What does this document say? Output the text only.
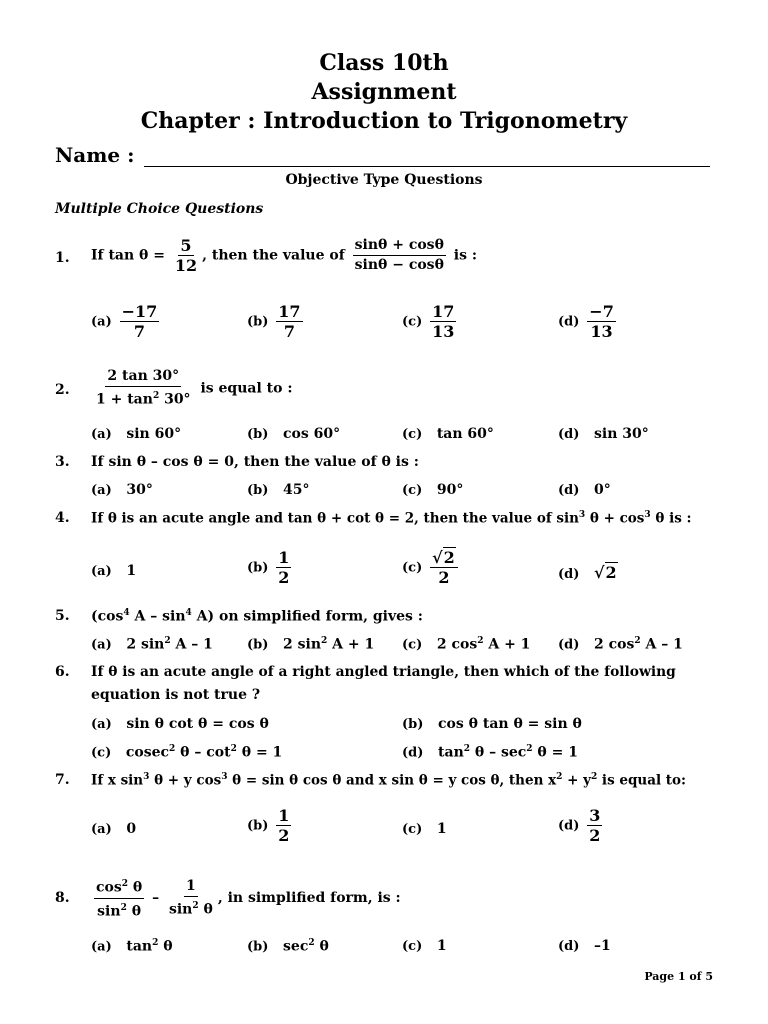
Class 10th
Assignment
Chapter : Introduction to Trigonometry
Name :
Objective Type Questions
Multiple Choice Questions
1. If $\tan \theta = \frac{5}{12}$ , then the value of $\frac{\sin\theta + \cos\theta}{\sin\theta - \cos\theta}$ is :
$(a) \frac{-17}{7}$	$(b) \frac{17}{7}$	$(c) \frac{17}{13}$	$(d) \frac{-7}{13}$
2. $\frac{2 \tan 30^\circ}{1 + \tan^2 30^\circ}$ is equal to :
(a) sin 60°	(b) cos 60°	(c) tan 60°	(d) sin 30°
3. If sin θ – cos θ = 0, then the value of θ is :
(a) 30°	(b) 45°	(c) 90°	(d) 0°
4. If θ is an acute angle and tan θ + cot θ = 2, then the value of $\sin^3 \theta + \cos^3 \theta$ is :
(a) 1	$(b) \frac{1}{2}$	$(c) \frac{√2}{2}$	(d) √2
5. ($\cos^4$ A – $\sin^4 A$) on simplified form, gives :
(a) 2 $\sin^2 A - 1$	(b) 2 $\sin^2 A + 1$ (c) 2 $\cos^2 A + 1$ (d) 2 $\cos^2 A - 1$
6. If θ is an acute angle of a right angled triangle, then which of the following
equation is not true ?
(a) sin θ cot θ = cos θ	(b) cos θ tan θ = sin θ
(c) cosec$^2$ $\theta - \cot^2 \theta = 1$	(d) $\tan^2 \theta - \sec^2 \theta = 1$
7. If x $\sin^3 \theta + y$ $\cos^3 \theta = \sin \theta$ cos θ and x sin θ = y cos θ, then $x^2 + y^2$ is equal to:
(a) 0	$(b) \frac{1}{2}$	(c) 1	$(d) \frac{3}{2}$
8. $\frac{\cos^2 \theta}{\sin^2 \theta} - \frac{1}{\sin^2 \theta}$ , in simplified form, is :
(a) $\tan^2 \theta$	(b) $\sec^2 \theta$	(c) 1	(d) –1
Page 1 of 5
